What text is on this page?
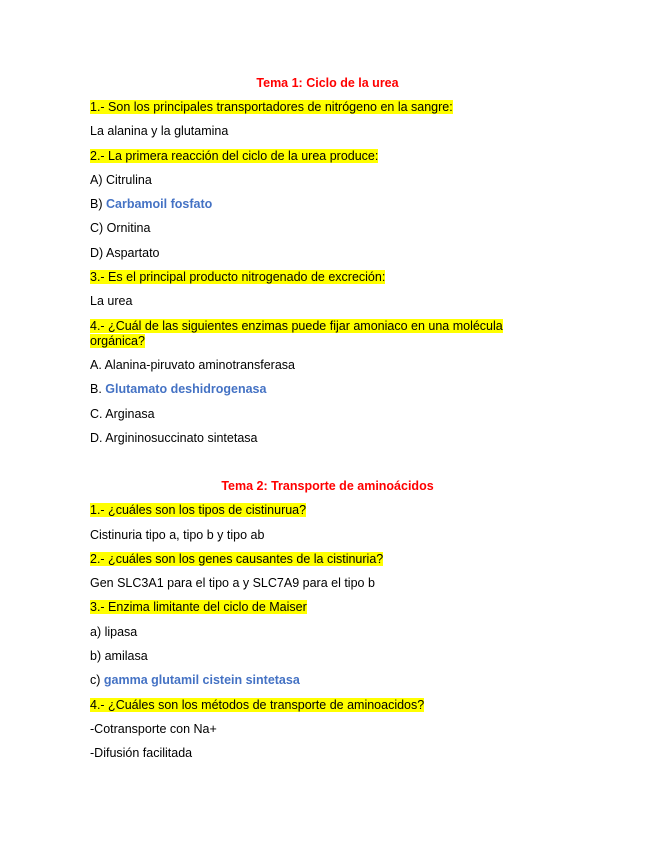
Tema 1: Ciclo de la urea
1.- Son los principales transportadores de nitrógeno en la sangre:
La alanina y la glutamina
2.- La primera reacción del ciclo de la urea produce:
A) Citrulina
B) Carbamoil fosfato
C) Ornitina
D) Aspartato
3.- Es el principal producto nitrogenado de excreción:
La urea
4.- ¿Cuál de las siguientes enzimas puede fijar amoniaco en una molécula
orgánica?
A. Alanina-piruvato aminotransferasa
B. Glutamato deshidrogenasa
C. Arginasa
D. Argininosuccinato sintetasa
Tema 2: Transporte de aminoácidos
1.- ¿cuáles son los tipos de cistinurua?
Cistinuria tipo a, tipo b y tipo ab
2.- ¿cuáles son los genes causantes de la cistinuria?
Gen SLC3A1 para el tipo a y SLC7A9 para el tipo b
3.- Enzima limitante del ciclo de Maiser
a) lipasa
b) amilasa
c) gamma glutamil cistein sintetasa
4.- ¿Cuáles son los métodos de transporte de aminoacidos?
-Cotransporte con Na+
-Difusión facilitada
